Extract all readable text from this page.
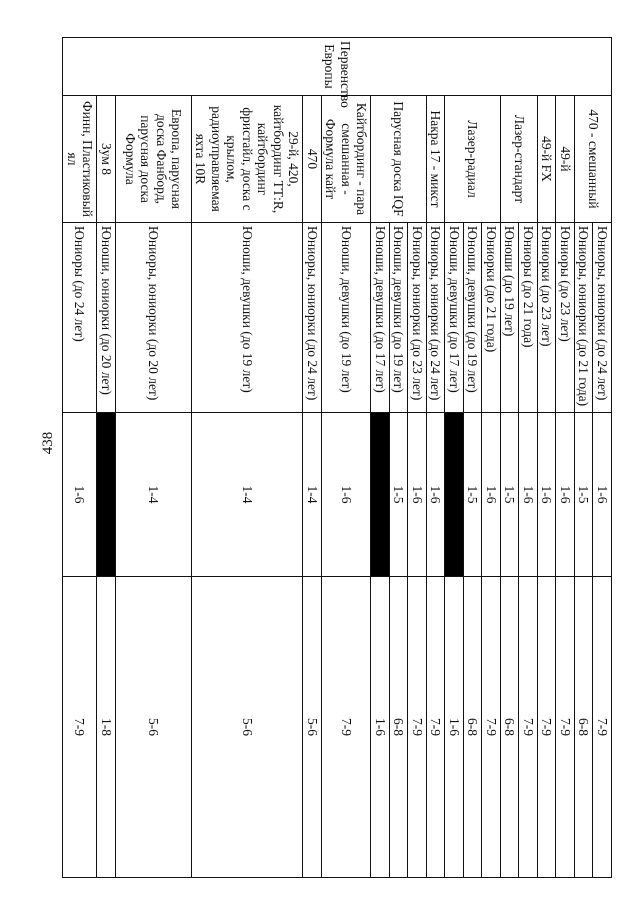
438
Первенство Европы	470 - смешанный	Юниоры, юниорки (до 24 лет)	1-6	7-9
		Юниоры, юниорки (до 21 года)	1-5	6-8
	49-й	Юниоры (до 23 лет)	1-6	7-9
	49-й FX	Юниорки (до 23 лет)	1-6	7-9
	Лазер-стандарт	Юниоры (до 21 года)	1-6	7-9
		Юноши (до 19 лет)	1-5	6-8
	Лазер-радиал	Юниорки (до 21 года)	1-6	7-9
		Юноши, девушки (до 19 лет)	1-5	6-8
		Юноши, девушки (до 17 лет)		1-6
	Накра 17 - микст	Юниоры, юниорки (до 24 лет)	1-6	7-9
	Парусная доска IQF	Юниоры, юниорки (до 23 лет)	1-6	7-9
		Юноши, девушки (до 19 лет)	1-5	6-8
		Юноши, девушки (до 17 лет)		1-6
	Кайтбординг - пара смешанная - Формула кайт	Юноши, девушки (до 19 лет)	1-6	7-9
	470	Юниоры, юниорки (до 24 лет)	1-4	5-6
	29-й, 420, кайтбординг ТТ:R, кайтбординг фристайл, доска с крылом, радиоуправляемая яхта 10R	Юноши, девушки (до 19 лет)	1-4	5-6
	Европа, парусная доска Фанборд, парусная доска Формула	Юниоры, юниорки (до 20 лет)	1-4	5-6
	Зум 8	Юноши, юниорки (до 20 лет)		1-8
	Финн, Пластиковый ял	Юниоры (до 24 лет)	1-6	7-9
